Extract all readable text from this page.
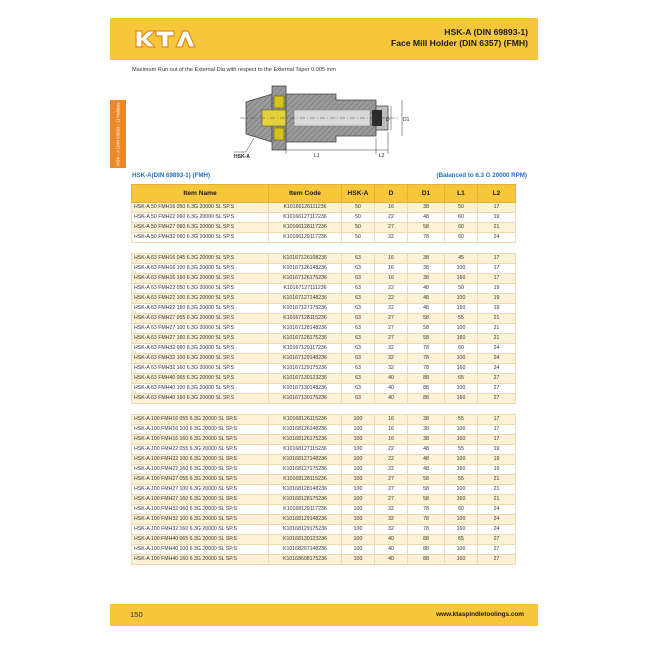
HSK-A (DIN 69893-1)
Face Mill Holder (DIN 6357) (FMH)
HSK - A (DIN 69893 - 1) Holders
Maximum Run out of the External Dia with respect to the External Taper 0.005 mm
D	D1
L1	L2
HSK-A
HSK-A(DIN 69893-1) (FMH)	(Balanced to 6.3 G 20000 RPM)
Item Name	Item Code	HSK-A	D	D1	L1	L2
HSK-A 50 FMH16 050 6.3G 20000 SL SP.S	K10166126111236	50	16	38	50	17
HSK-A 50 FMH22 060 6.3G 20000 SL SP.S	K10166127117236	50	22	48	60	19
HSK-A 50 FMH27 060 6.3G 20000 SL SP.S	K10166128117236	50	27	58	60	21
HSK-A 50 FMH32 060 6.3G 20000 SL SP.S	K10166129117236	50	32	78	60	24

HSK-A 63 FMH16 045 6.3G 20000 SL SP.S	K10167126108236	63	16	38	45	17
HSK-A 63 FMH16 100 6.3G 20000 SL SP.S	K10167126148236	63	16	38	100	17
HSK-A 63 FMH16 160 6.3G 20000 SL SP.S	K10167126175236	63	16	38	160	17
HSK-A 63 FMH22 050 6.3G 20000 SL SP.S	K10167127111236	63	22	48	50	19
HSK-A 63 FMH22 100 6.3G 20000 SL SP.S	K10167127148236	63	22	48	100	19
HSK-A 63 FMH22 160 6.3G 20000 SL SP.S	K10167127175236	63	22	48	160	19
HSK-A 63 FMH27 055 6.3G 20000 SL SP.S	K10167128115236	63	27	58	55	21
HSK-A 63 FMH27 100 6.3G 20000 SL SP.S	K10167128148236	63	27	58	100	21
HSK-A 63 FMH27 160 6.3G 20000 SL SP.S	K10167128175236	63	27	58	160	21
HSK-A 63 FMH32 060 6.3G 20000 SL SP.S	K10167129117236	63	32	78	60	24
HSK-A 63 FMH32 100 6.3G 20000 SL SP.S	K10167129148236	63	32	78	100	24
HSK-A 63 FMH32 160 6.3G 20000 SL SP.S	K10167129175236	63	32	78	160	24
HSK-A 63 FMH40 065 6.3G 20000 SL SP.S	K10167130123236	63	40	88	65	27
HSK-A 63 FMH40 100 6.3G 20000 SL SP.S	K10167130148236	63	40	88	100	27
HSK-A 63 FMH40 160 6.3G 20000 SL SP.S	K10167130175236	63	40	88	160	27

HSK-A 100 FMH16 055 6.3G 20000 SL SP.S	K10168126115236	100	16	38	55	17
HSK-A 100 FMH16 100 6.3G 20000 SL SP.S	K10168126148236	100	16	38	100	17
HSK-A 100 FMH16 160 6.3G 20000 SL SP.S	K10168126175236	100	16	38	160	17
HSK-A 100 FMH22 055 6.3G 20000 SL SP.S	K10168127115236	100	22	48	55	19
HSK-A 100 FMH22 100 6.3G 20000 SL SP.S	K10168127148236	100	22	48	100	19
HSK-A 100 FMH22 160 6.3G 20000 SL SP.S	K10168127175236	100	22	48	160	19
HSK-A 100 FMH27 055 6.3G 20000 SL SP.S	K10168128115236	100	27	58	55	21
HSK-A 100 FMH27 100 6.3G 20000 SL SP.S	K10168128148236	100	27	58	100	21
HSK-A 100 FMH27 160 6.3G 20000 SL SP.S	K10168128175236	100	27	58	160	21
HSK-A 100 FMH32 060 6.3G 20000 SL SP.S	K10168129117236	100	32	78	60	24
HSK-A 100 FMH32 100 6.3G 20000 SL SP.S	K10168129148236	100	32	78	100	24
HSK-A 100 FMH32 160 6.3G 20000 SL SP.S	K10168129175236	100	32	78	160	24
HSK-A 100 FMH40 065 6.3G 20000 SL SP.S	K10168130123236	100	40	88	65	27
HSK-A 100 FMH40 100 6.3G 20000 SL SP.S	K10168267148236	100	40	88	100	27
HSK-A 100 FMH40 160 6.3G 20000 SL SP.S	K10168608175236	100	40	88	160	27
150	www.ktaspindletoolings.com
